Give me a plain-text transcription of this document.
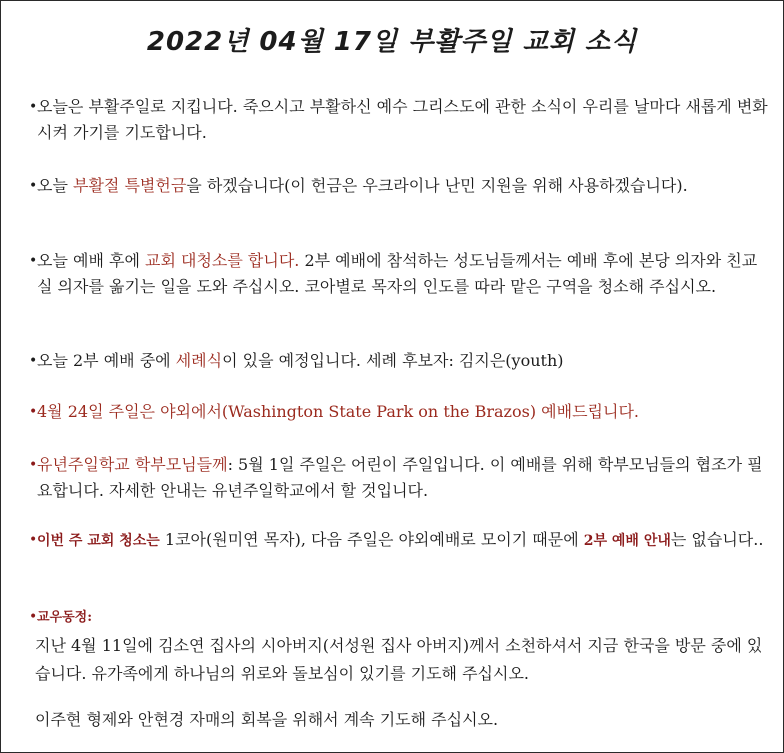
2022년 04월 17일 부활주일 교회 소식
• 오늘은 부활주일로 지킵니다. 죽으시고 부활하신 예수 그리스도에 관한 소식이 우리를 날마다 새롭게 변화시켜 가기를 기도합니다.
• 오늘 부활절 특별헌금을 하겠습니다(이 헌금은 우크라이나 난민 지원을 위해 사용하겠습니다).
• 오늘 예배 후에 교회 대청소를 합니다. 2부 예배에 참석하는 성도님들께서는 예배 후에 본당 의자와 친교실 의자를 옮기는 일을 도와 주십시오. 코아별로 목자의 인도를 따라 맡은 구역을 청소해 주십시오.
• 오늘 2부 예배 중에 세례식이 있을 예정입니다. 세례 후보자: 김지은(youth)
• 4월 24일 주일은 야외에서(Washington State Park on the Brazos) 예배드립니다.
• 유년주일학교 학부모님들께: 5월 1일 주일은 어린이 주일입니다. 이 예배를 위해 학부모님들의 협조가 필요합니다. 자세한 안내는 유년주일학교에서 할 것입니다.
• 이번 주 교회 청소는 1코아(원미연 목자), 다음 주일은 야외예배로 모이기 때문에 2부 예배 안내는 없습니다..
• 교우동정:
지난 4월 11일에 김소연 집사의 시아버지(서성원 집사 아버지)께서 소천하셔서 지금 한국을 방문 중에 있습니다. 유가족에게 하나님의 위로와 돌보심이 있기를 기도해 주십시오.
이주현 형제와 안현경 자매의 회복을 위해서 계속 기도해 주십시오.
